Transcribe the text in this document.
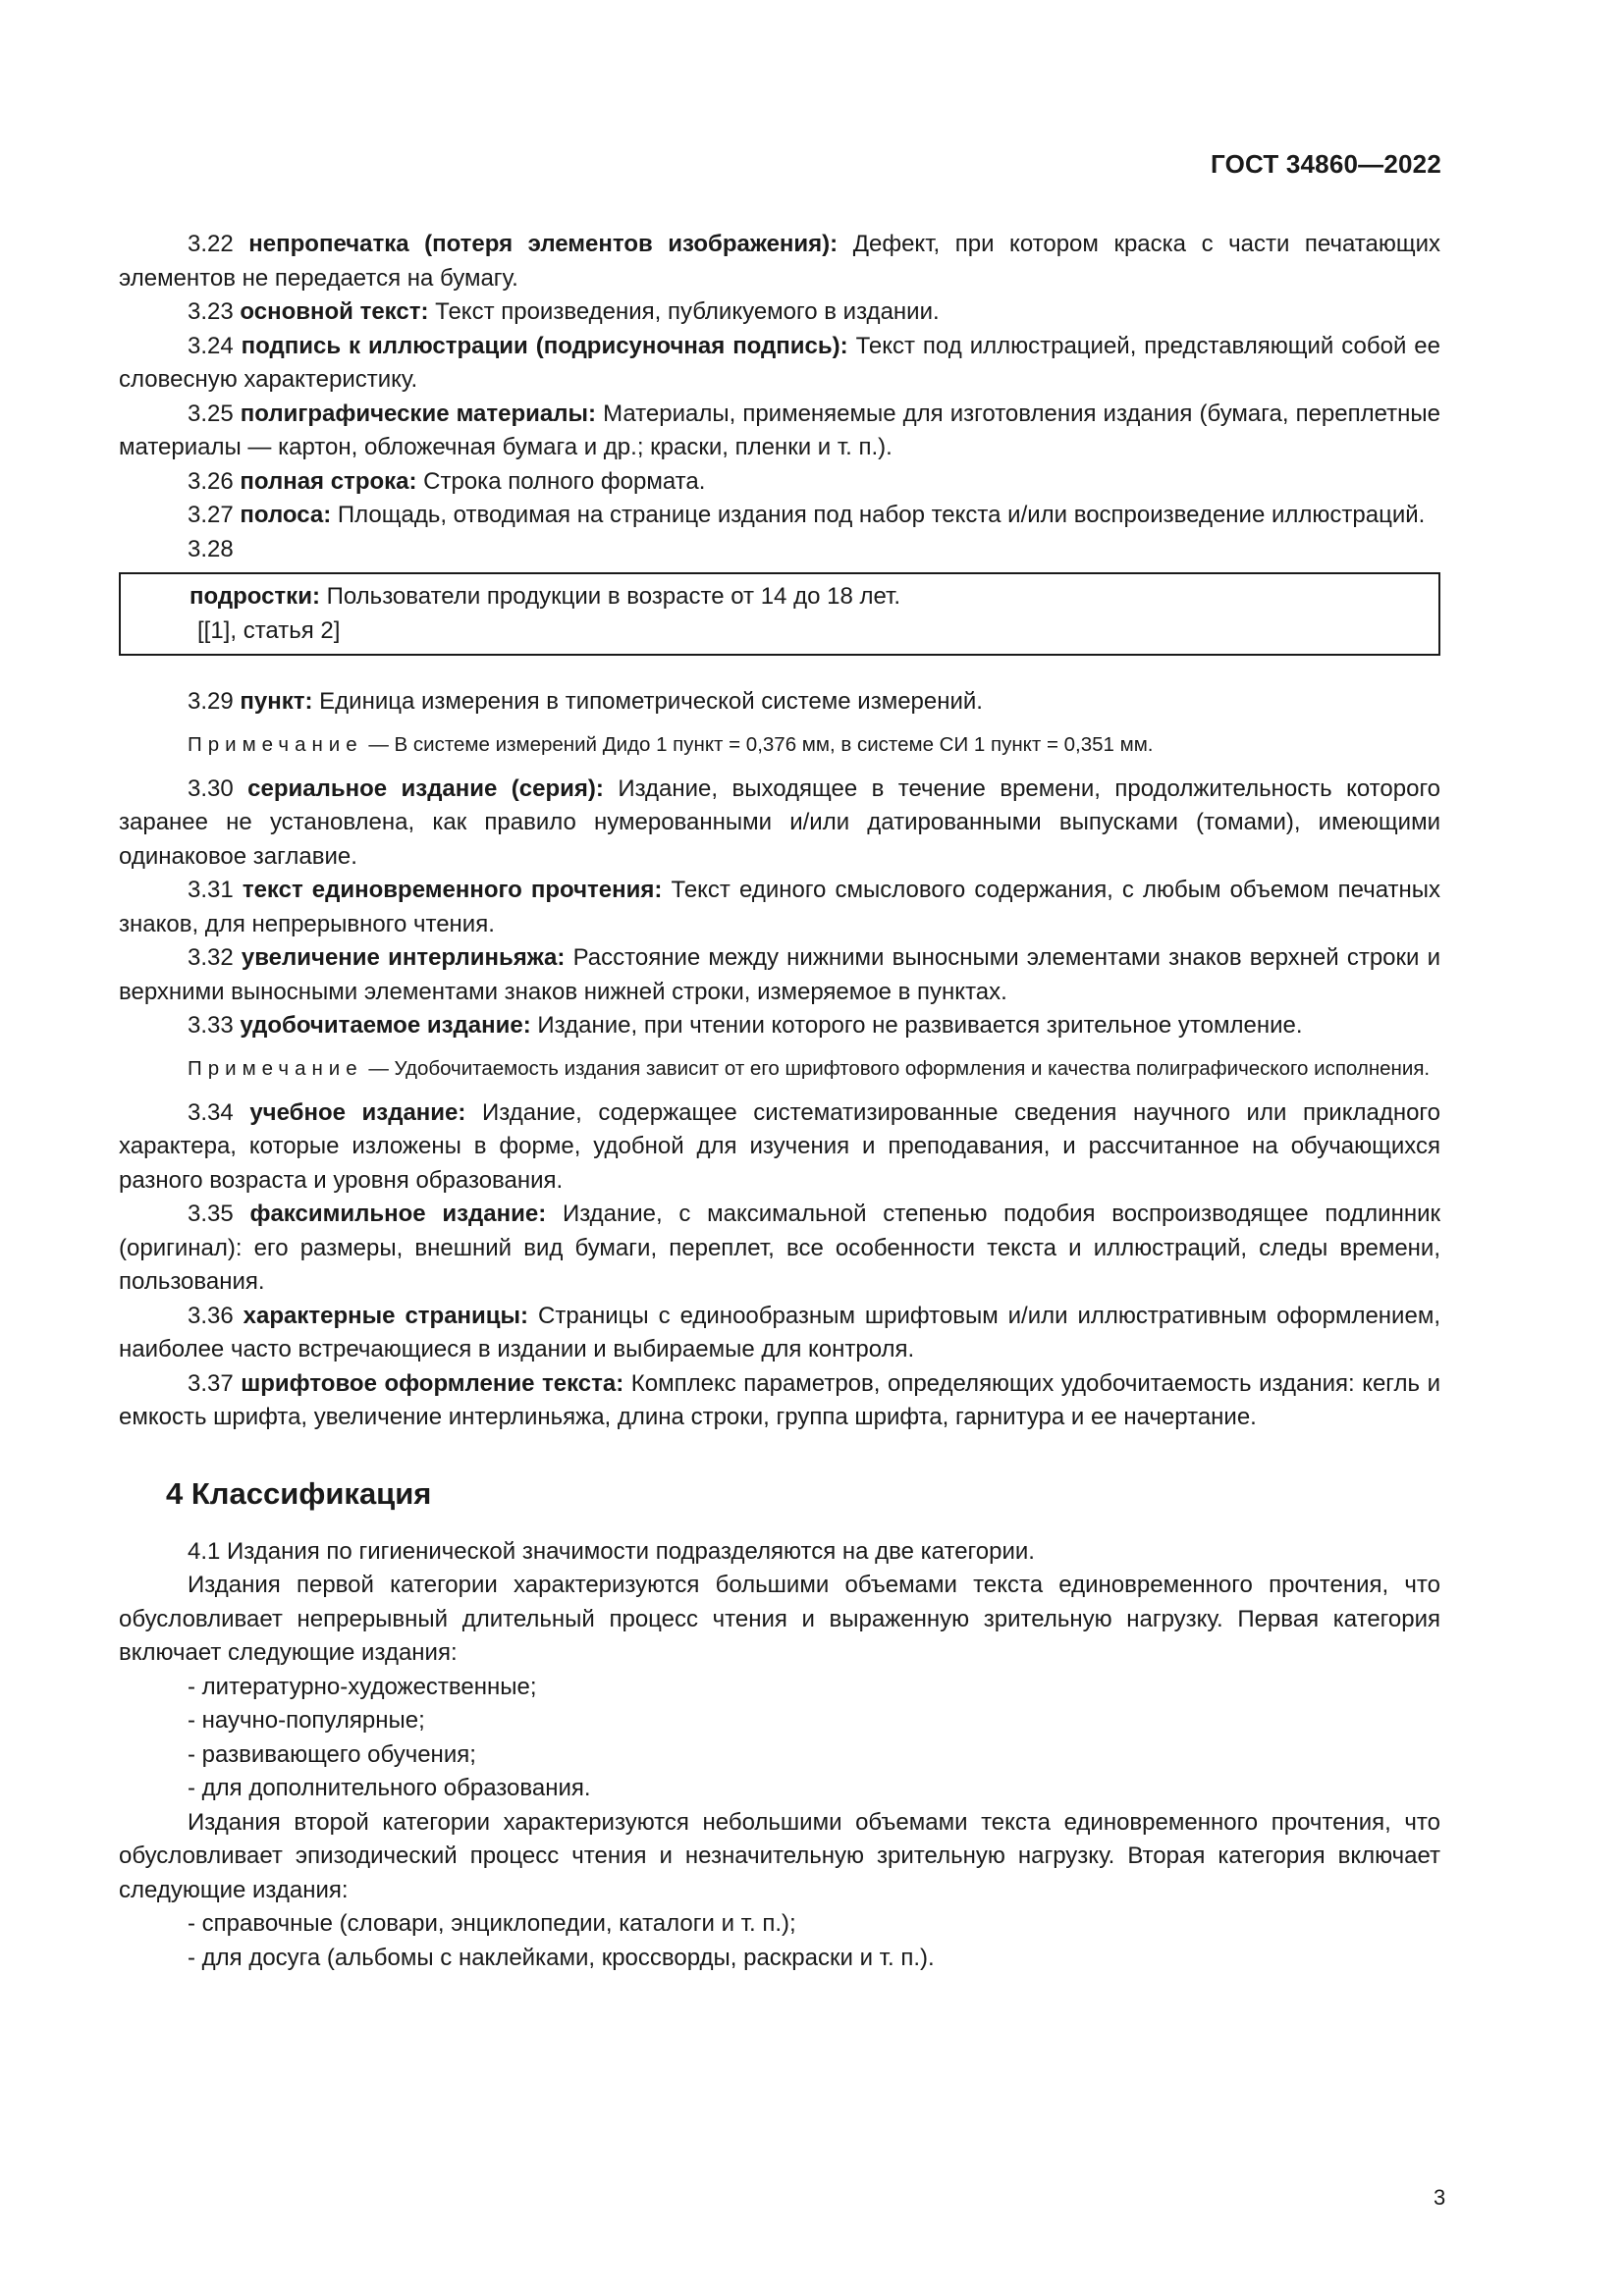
ГОСТ 34860—2022

3.22 непропечатка (потеря элементов изображения): Дефект, при котором краска с части печатающих элементов не передается на бумагу.

3.23 основной текст: Текст произведения, публикуемого в издании.

3.24 подпись к иллюстрации (подрисуночная подпись): Текст под иллюстрацией, представляющий собой ее словесную характеристику.

3.25 полиграфические материалы: Материалы, применяемые для изготовления издания (бумага, переплетные материалы — картон, обложечная бумага и др.; краски, пленки и т. п.).

3.26 полная строка: Строка полного формата.

3.27 полоса: Площадь, отводимая на странице издания под набор текста и/или воспроизведение иллюстраций.

3.28

подростки: Пользователи продукции в возрасте от 14 до 18 лет.

[[1], статья 2]

3.29 пункт: Единица измерения в типометрической системе измерений.

Примечание — В системе измерений Дидо 1 пункт = 0,376 мм, в системе СИ 1 пункт = 0,351 мм.

3.30 сериальное издание (серия): Издание, выходящее в течение времени, продолжительность которого заранее не установлена, как правило нумерованными и/или датированными выпусками (томами), имеющими одинаковое заглавие.

3.31 текст единовременного прочтения: Текст единого смыслового содержания, с любым объемом печатных знаков, для непрерывного чтения.

3.32 увеличение интерлиньяжа: Расстояние между нижними выносными элементами знаков верхней строки и верхними выносными элементами знаков нижней строки, измеряемое в пунктах.

3.33 удобочитаемое издание: Издание, при чтении которого не развивается зрительное утомление.

Примечание — Удобочитаемость издания зависит от его шрифтового оформления и качества полиграфического исполнения.

3.34 учебное издание: Издание, содержащее систематизированные сведения научного или прикладного характера, которые изложены в форме, удобной для изучения и преподавания, и рассчитанное на обучающихся разного возраста и уровня образования.

3.35 факсимильное издание: Издание, с максимальной степенью подобия воспроизводящее подлинник (оригинал): его размеры, внешний вид бумаги, переплет, все особенности текста и иллюстраций, следы времени, пользования.

3.36 характерные страницы: Страницы с единообразным шрифтовым и/или иллюстративным оформлением, наиболее часто встречающиеся в издании и выбираемые для контроля.

3.37 шрифтовое оформление текста: Комплекс параметров, определяющих удобочитаемость издания: кегль и емкость шрифта, увеличение интерлиньяжа, длина строки, группа шрифта, гарнитура и ее начертание.

4 Классификация

4.1 Издания по гигиенической значимости подразделяются на две категории.

Издания первой категории характеризуются большими объемами текста единовременного прочтения, что обусловливает непрерывный длительный процесс чтения и выраженную зрительную нагрузку. Первая категория включает следующие издания:

- литературно-художественные;

- научно-популярные;

- развивающего обучения;

- для дополнительного образования.

Издания второй категории характеризуются небольшими объемами текста единовременного прочтения, что обусловливает эпизодический процесс чтения и незначительную зрительную нагрузку. Вторая категория включает следующие издания:

- справочные (словари, энциклопедии, каталоги и т. п.);

- для досуга (альбомы с наклейками, кроссворды, раскраски и т. п.).

3
